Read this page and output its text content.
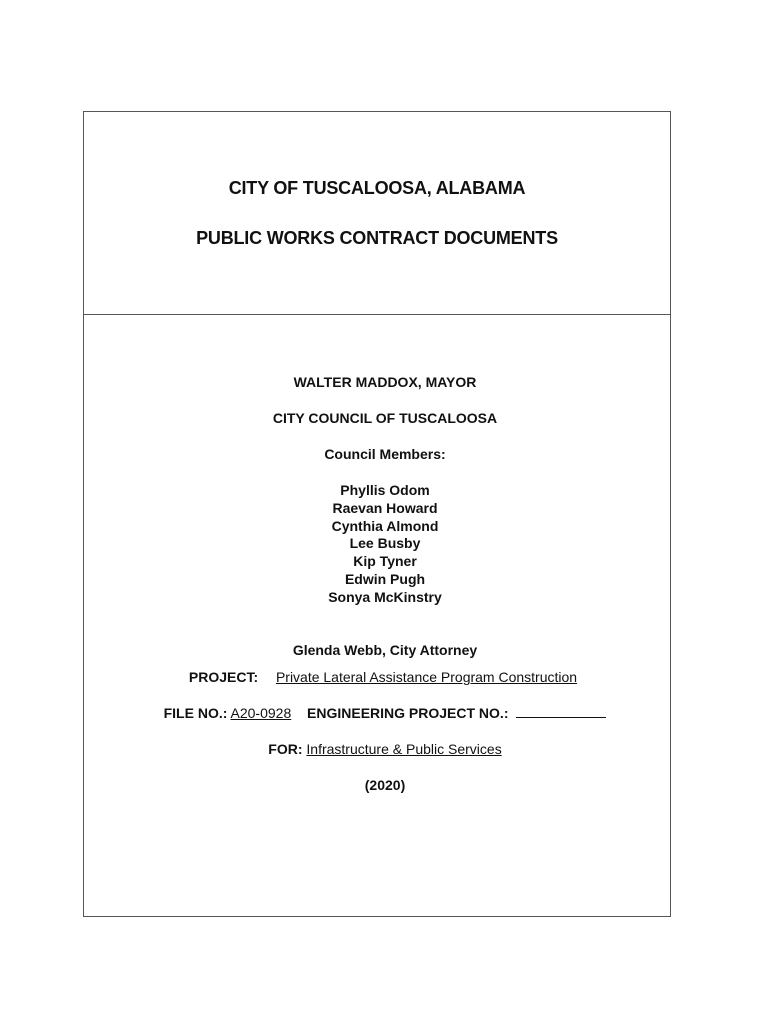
CITY OF TUSCALOOSA, ALABAMA
PUBLIC WORKS CONTRACT DOCUMENTS
WALTER MADDOX, MAYOR
CITY COUNCIL OF TUSCALOOSA
Council Members:
Phyllis Odom
Raevan Howard
Cynthia Almond
Lee Busby
Kip Tyner
Edwin Pugh
Sonya McKinstry
Glenda Webb, City Attorney
PROJECT: Private Lateral Assistance Program Construction
FILE NO.: A20-0928 ENGINEERING PROJECT NO.:
FOR: Infrastructure & Public Services
(2020)
